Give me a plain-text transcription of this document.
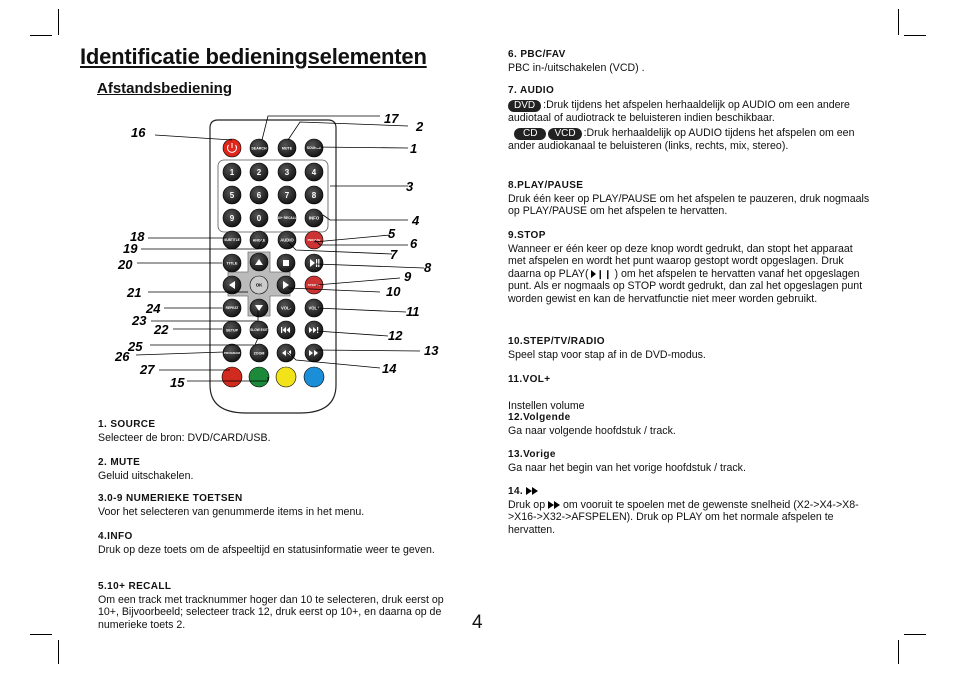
Identificatie bedieningselementen
Afstandsbediening
SEARCH	MUTE	SOURCE
1	2	3	4
5	6	7	8
9	0	10+ RECALL	INFO
SUBTITLE	ANGLE	AUDIO	PBC/FAV
TITLE
STEP/TV
OK
REPEAT	VOL-	VOL+
SETUP	SLOW EXIT
PROGRAM	ZOOM
17
2
16
1
3
4
5
18	6
19	7
20	8
9
21	10
24	11
23
22	12
25	13
26
14
27
15
1. SOURCE
Selecteer de bron: DVD/CARD/USB.
2. MUTE
Geluid uitschakelen.
3.0-9 NUMERIEKE TOETSEN
Voor het selecteren van genummerde items in het menu.
4.INFO
Druk op deze toets om de afspeeltijd en statusinformatie weer te geven.
5.10+ RECALL
Om een track met tracknummer hoger dan 10 te selecteren, druk eerst op 10+, Bijvoorbeeld; selecteer track 12, druk eerst op 10+, en daarna op de numerieke toets 2.
6. PBC/FAV
PBC in-/uitschakelen (VCD) .
7. AUDIO
DVD :Druk tijdens het afspelen herhaaldelijk op AUDIO om een andere audiotaal of audiotrack te beluisteren indien beschikbaar.
CD VCD :Druk herhaaldelijk op AUDIO tijdens het afspelen om een ander audiokanaal te beluisteren (links, rechts, mix, stereo).
8.PLAY/PAUSE
Druk één keer op PLAY/PAUSE om het afspelen te pauzeren, druk nogmaals op PLAY/PAUSE om het afspelen te hervatten.
9.STOP
Wanneer er één keer op deze knop wordt gedrukt, dan stopt het apparaat met afspelen en wordt het punt waarop gestopt wordt opgeslagen. Druk daarna op PLAY( ❙❙ ) om het afspelen te hervatten vanaf het opgeslagen punt. Als er nogmaals op STOP wordt gedrukt, dan zal het opgeslagen punt worden gewist en kan de hervatfunctie niet meer worden gebruikt.
10.STEP/TV/RADIO
Speel stap voor stap af in de DVD-modus.
11.VOL+
Instellen volume
12.Volgende
Ga naar volgende hoofdstuk / track.
13.Vorige
Ga naar het begin van het vorige hoofdstuk / track.
14.
Druk op om vooruit te spoelen met de gewenste snelheid (X2->X4->X8->X16->X32->AFSPELEN). Druk op PLAY om het normale afspelen te hervatten.
4
